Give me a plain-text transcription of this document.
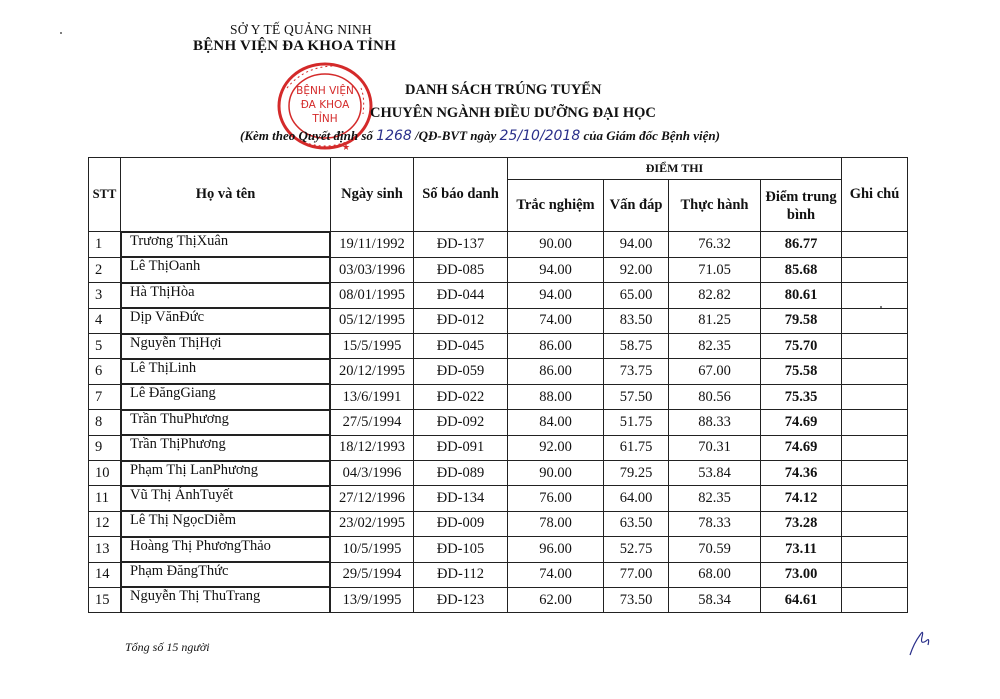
SỞ Y TẾ QUẢNG NINH
BỆNH VIỆN ĐA KHOA TỈNH
BỆNH VIỆN
ĐA KHOA
TỈNH
★
DANH SÁCH TRÚNG TUYỂN
CHUYÊN NGÀNH ĐIỀU DƯỠNG ĐẠI HỌC
(Kèm theo Quyết định số 1268 /QĐ-BVT ngày 25/10/2018 của Giám đốc Bệnh viện)
STT	Họ và tên	Ngày sinh	Số báo danh	ĐIỂM THI				Ghi chú
				Trắc nghiệm	Vấn đáp	Thực hành	Điểm trung bình	
1	Trương Thị Xuân	19/11/1992	ĐD-137	90.00	94.00	76.32	86.77	
2	Lê Thị Oanh	03/03/1996	ĐD-085	94.00	92.00	71.05	85.68	
3	Hà Thị Hòa	08/01/1995	ĐD-044	94.00	65.00	82.82	80.61	
4	Dịp Văn Đức	05/12/1995	ĐD-012	74.00	83.50	81.25	79.58	
5	Nguyễn Thị Hợi	15/5/1995	ĐD-045	86.00	58.75	82.35	75.70	
6	Lê Thị Linh	20/12/1995	ĐD-059	86.00	73.75	67.00	75.58	
7	Lê Đăng Giang	13/6/1991	ĐD-022	88.00	57.50	80.56	75.35	
8	Trần Thu Phương	27/5/1994	ĐD-092	84.00	51.75	88.33	74.69	
9	Trần Thị Phương	18/12/1993	ĐD-091	92.00	61.75	70.31	74.69	
10	Phạm Thị Lan Phương	04/3/1996	ĐD-089	90.00	79.25	53.84	74.36	
11	Vũ Thị Ánh Tuyết	27/12/1996	ĐD-134	76.00	64.00	82.35	74.12	
12	Lê Thị Ngọc Diễm	23/02/1995	ĐD-009	78.00	63.50	78.33	73.28	
13	Hoàng Thị Phương Thảo	10/5/1995	ĐD-105	96.00	52.75	70.59	73.11	
14	Phạm Đăng Thức	29/5/1994	ĐD-112	74.00	77.00	68.00	73.00	
15	Nguyễn Thị Thu Trang	13/9/1995	ĐD-123	62.00	73.50	58.34	64.61	
Tổng số 15 người
